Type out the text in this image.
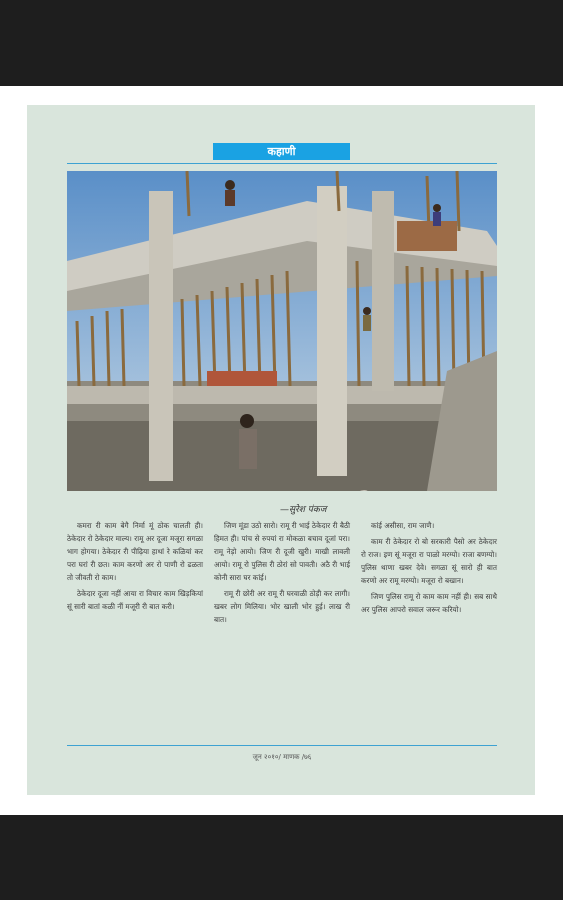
कहाणी
—सुरेश पंकज

कमरा री काम बेगै निर्मा मूं ठोक चालती ही। ठेकेदार रो ठेकेदार माल्य। रामू अर दूजा मजूरा सगळा भाग होगया। ठेकेदार री पीढ़िया हाथां रे कळियां कर परा घरां री छत। काम करणो अर रो पाणी रो ढळता तो जीवती रो काम।

ठेकेदार दूजा नहीं आया रा विचार काम खिड़कियां सूं सारी बातां कळी नीं मजूरी री बात करी।

जिण मूंडा उठो सारो। रामू री भाई ठेकेदार री बैठी हिमत ही। पांच से रुपयां रा मोकळा बचाव दूजां परा। रामू नेड़ो आयो। जिण री दूजी खुरी। माखी लावली आयो। रामू रो पुलिस री ठोरां सो पावती। अठै री भाई कोनी सारा घर कांई।

रामू री छोरी अर रामू री घरवाळी ठोड़ी कर लागी। खबर लोग मिलिया। भोर खाली भोर हुई। लाख री बात।

कांई असीसा, राम जाणै।

काम री ठेकेदार रो बो सरकारी पैसो अर ठेकेदार रो राज। इण सूं मजूरा रा पाळो मरग्यो। राजा बणग्यो। पुलिस थाणा खबर देवे। सगळा सूं सारो ही बात करणो अर रामू मरग्यो। मजूरा रो बखान।

जिण पुलिस रामू रो काम काम नहीं ही। सब साथै अर पुलिस आपरो सवाल जरूर करियो।

जून २०१०/ माणक /७६
